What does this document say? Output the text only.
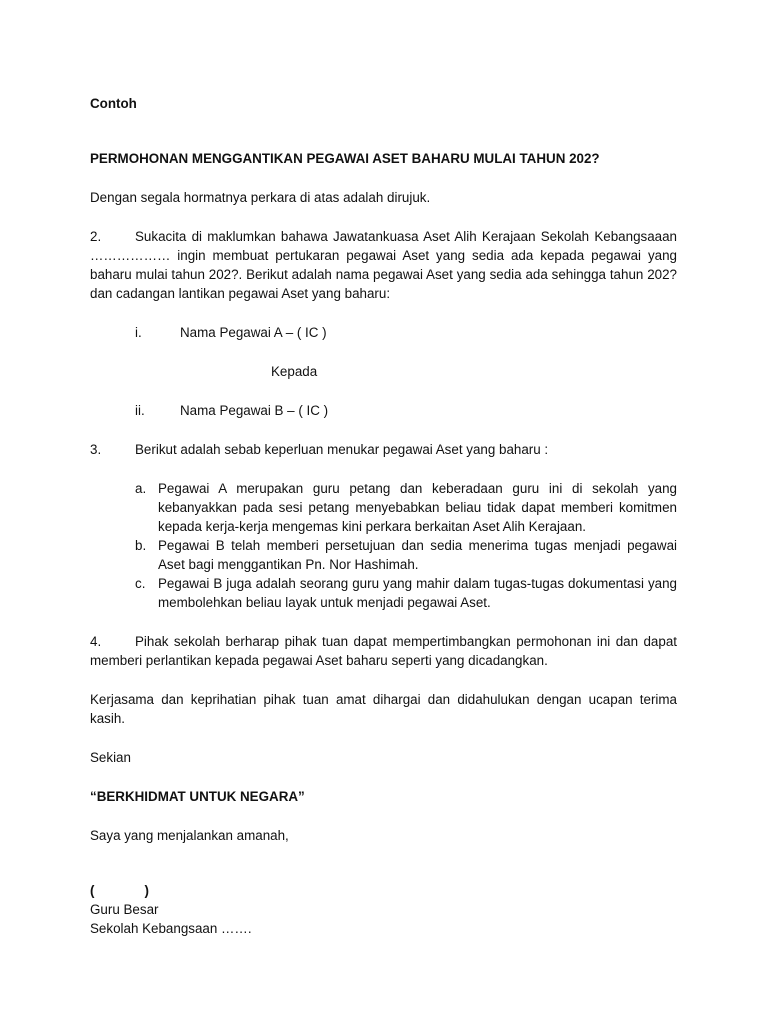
Contoh

PERMOHONAN MENGGANTIKAN PEGAWAI ASET BAHARU MULAI TAHUN 202?

Dengan segala hormatnya perkara di atas adalah dirujuk.

2.	Sukacita di maklumkan bahawa Jawatankuasa Aset Alih Kerajaan Sekolah Kebangsaaan ……………… ingin membuat pertukaran pegawai Aset yang sedia ada kepada pegawai yang baharu mulai tahun 202?. Berikut adalah nama pegawai Aset yang sedia ada sehingga tahun 202? dan cadangan lantikan pegawai Aset yang baharu:

i.	Nama Pegawai A – ( IC )
Kepada
ii.	Nama Pegawai B – ( IC )

3.	Berikut adalah sebab keperluan menukar pegawai Aset yang baharu :

a. Pegawai A merupakan guru petang dan keberadaan guru ini di sekolah yang kebanyakkan pada sesi petang menyebabkan beliau tidak dapat memberi komitmen kepada kerja-kerja mengemas kini perkara berkaitan Aset Alih Kerajaan.
b. Pegawai B telah memberi persetujuan dan sedia menerima tugas menjadi pegawai Aset bagi menggantikan Pn. Nor Hashimah.
c. Pegawai B juga adalah seorang guru yang mahir dalam tugas-tugas dokumentasi yang membolehkan beliau layak untuk menjadi pegawai Aset.

4.	Pihak sekolah berharap pihak tuan dapat mempertimbangkan permohonan ini dan dapat memberi perlantikan kepada pegawai Aset baharu seperti yang dicadangkan.

Kerjasama dan keprihatian pihak tuan amat dihargai dan didahulukan dengan ucapan terima kasih.

Sekian

“BERKHIDMAT UNTUK NEGARA”

Saya yang menjalankan amanah,

(	)
Guru Besar
Sekolah Kebangsaan …….
